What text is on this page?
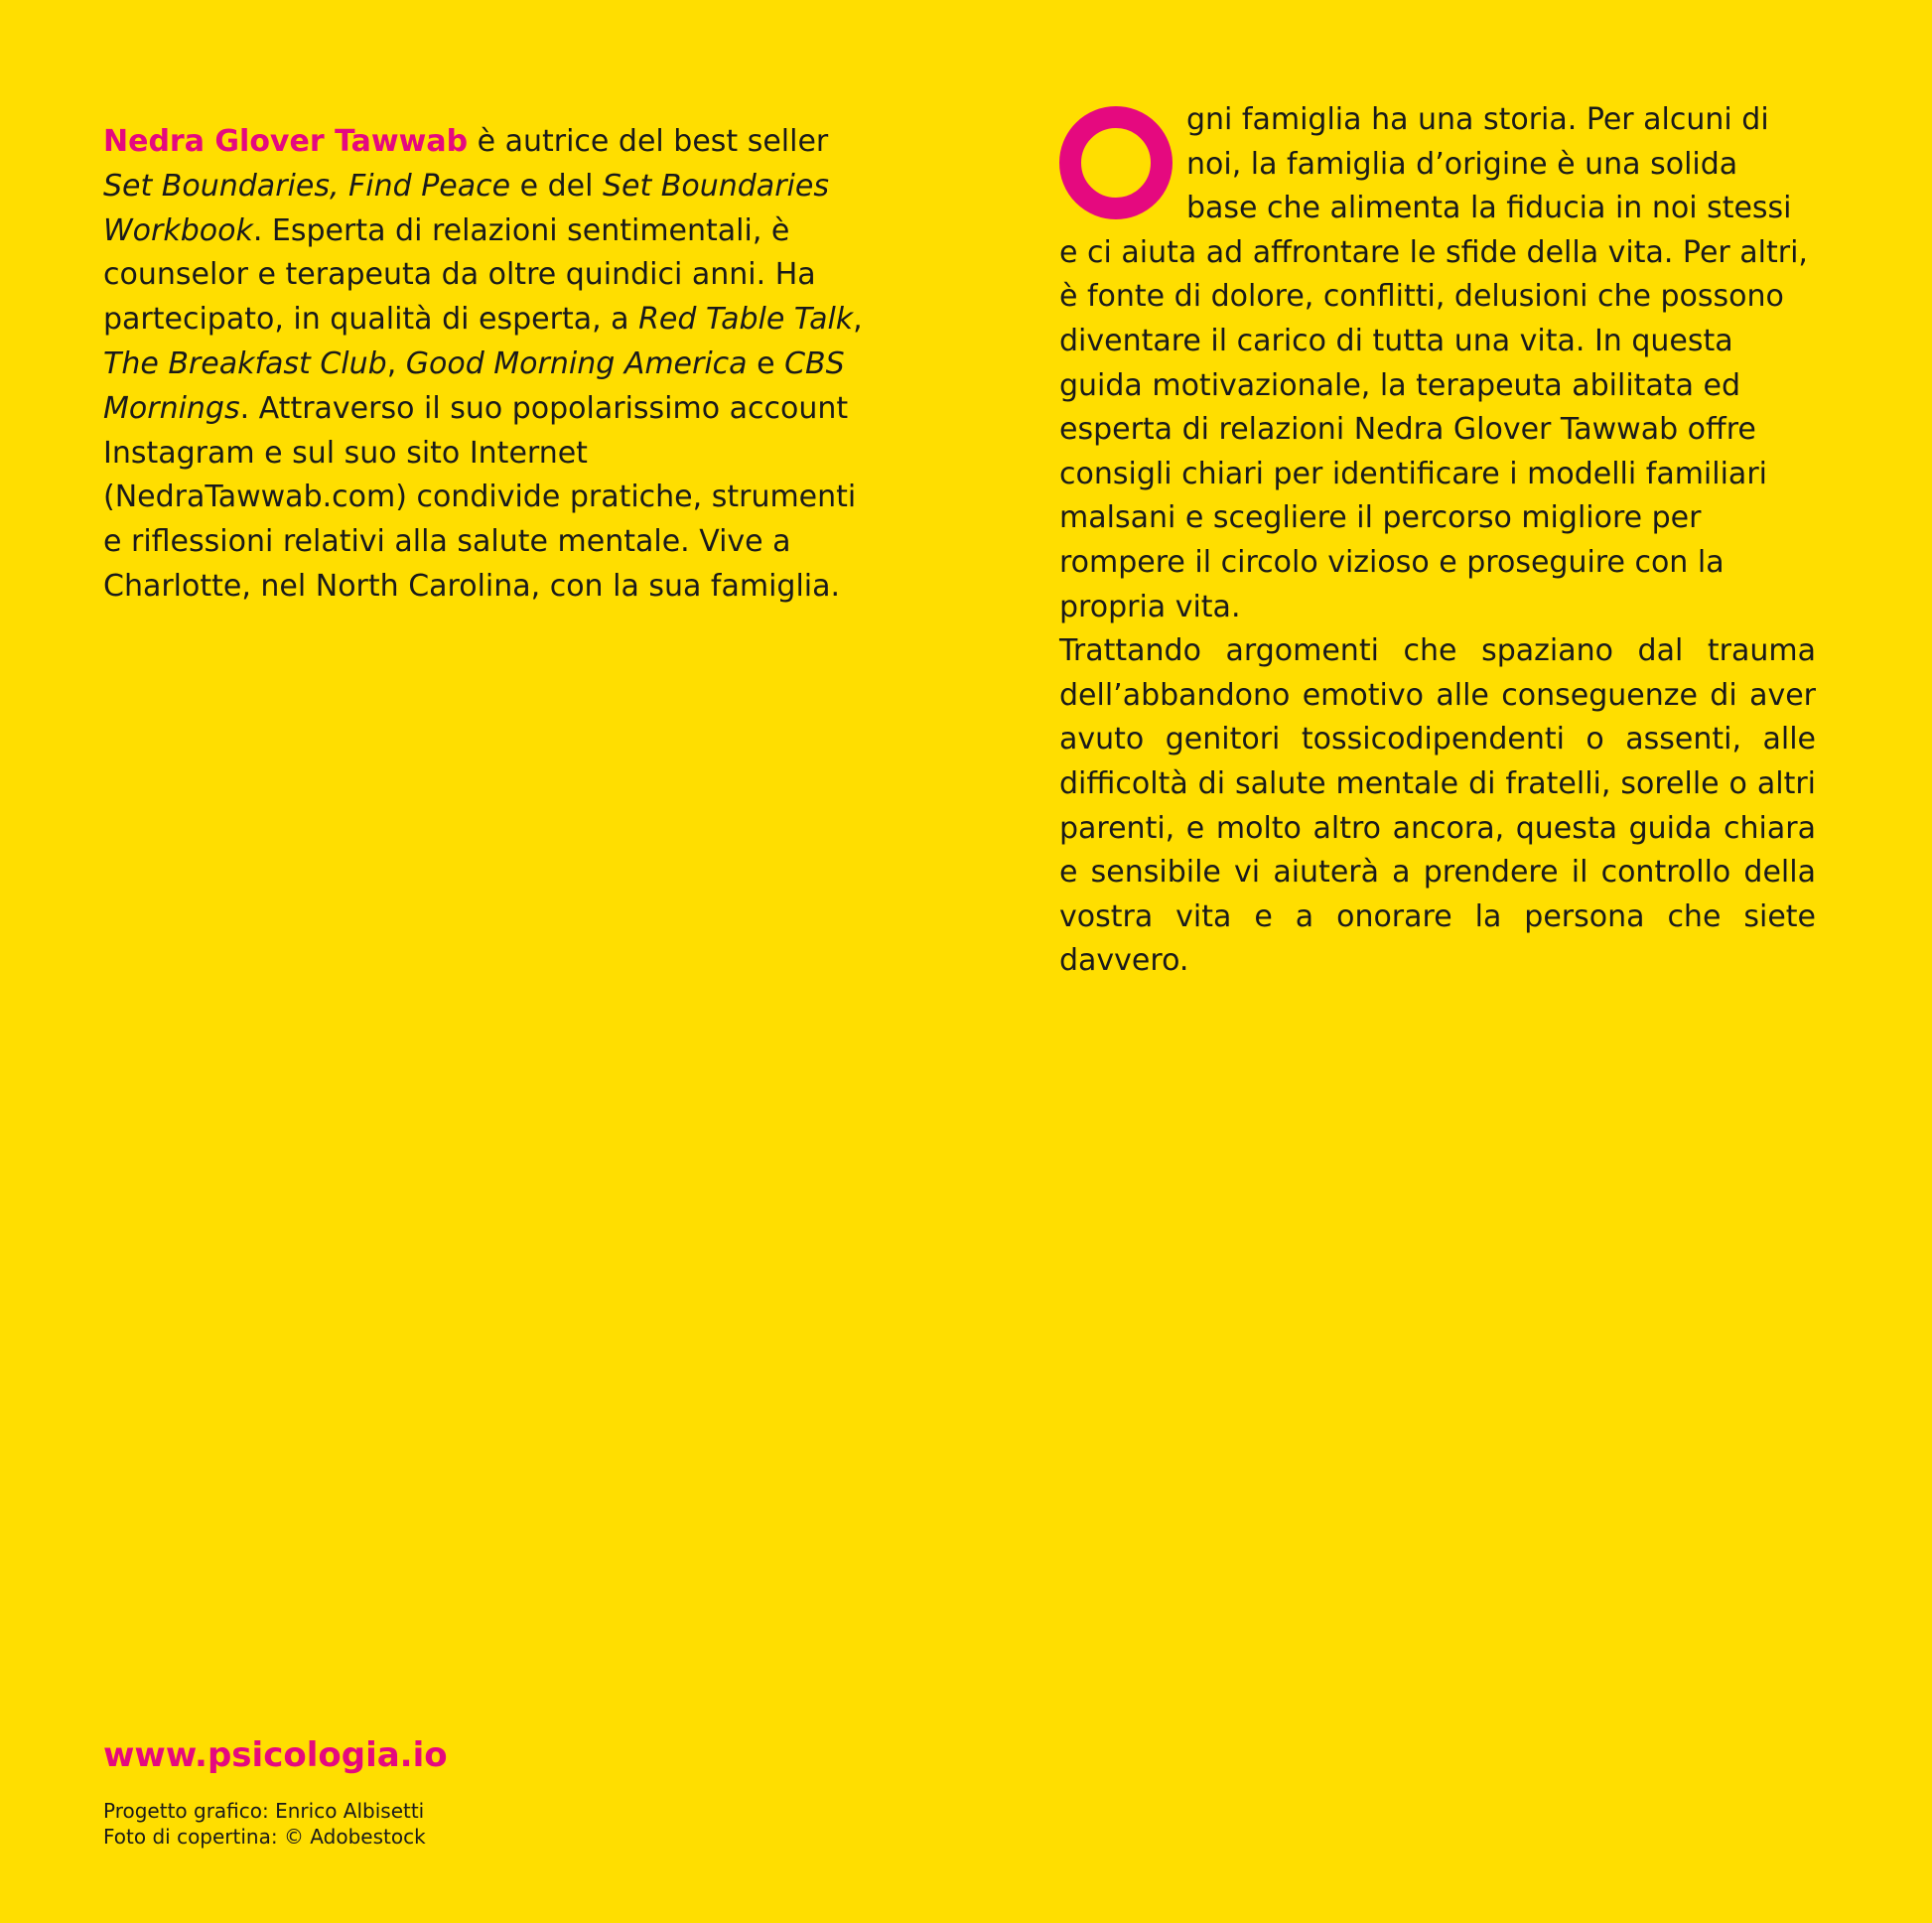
Nedra Glover Tawwab è autrice del best seller Set Boundaries, Find Peace e del Set Boundaries Workbook. Esperta di relazioni sentimentali, è counselor e terapeuta da oltre quindici anni. Ha partecipato, in qualità di esperta, a Red Table Talk, The Breakfast Club, Good Morning America e CBS Mornings. Attraverso il suo popolarissimo account Instagram e sul suo sito Internet (NedraTawwab.com) condivide pratiche, strumenti e riflessioni relativi alla salute mentale. Vive a Charlotte, nel North Carolina, con la sua famiglia.

gni famiglia ha una storia. Per alcuni di noi, la famiglia d’origine è una solida base che alimenta la fiducia in noi stessi e ci aiuta ad affrontare le sfide della vita. Per altri, è fonte di dolore, conflitti, delusioni che possono diventare il carico di tutta una vita. In questa guida motivazionale, la terapeuta abilitata ed esperta di relazioni Nedra Glover Tawwab offre consigli chiari per identificare i modelli familiari malsani e scegliere il percorso migliore per rompere il circolo vizioso e proseguire con la propria vita.

Trattando argomenti che spaziano dal trauma dell’abbandono emotivo alle conseguenze di aver avuto genitori tossicodipendenti o assenti, alle difficoltà di salute mentale di fratelli, sorelle o altri parenti, e molto altro ancora, questa guida chiara e sensibile vi aiuterà a prendere il controllo della vostra vita e a onorare la persona che siete davvero.

www.psicologia.io
Progetto grafico: Enrico Albisetti
Foto di copertina: © Adobestock
